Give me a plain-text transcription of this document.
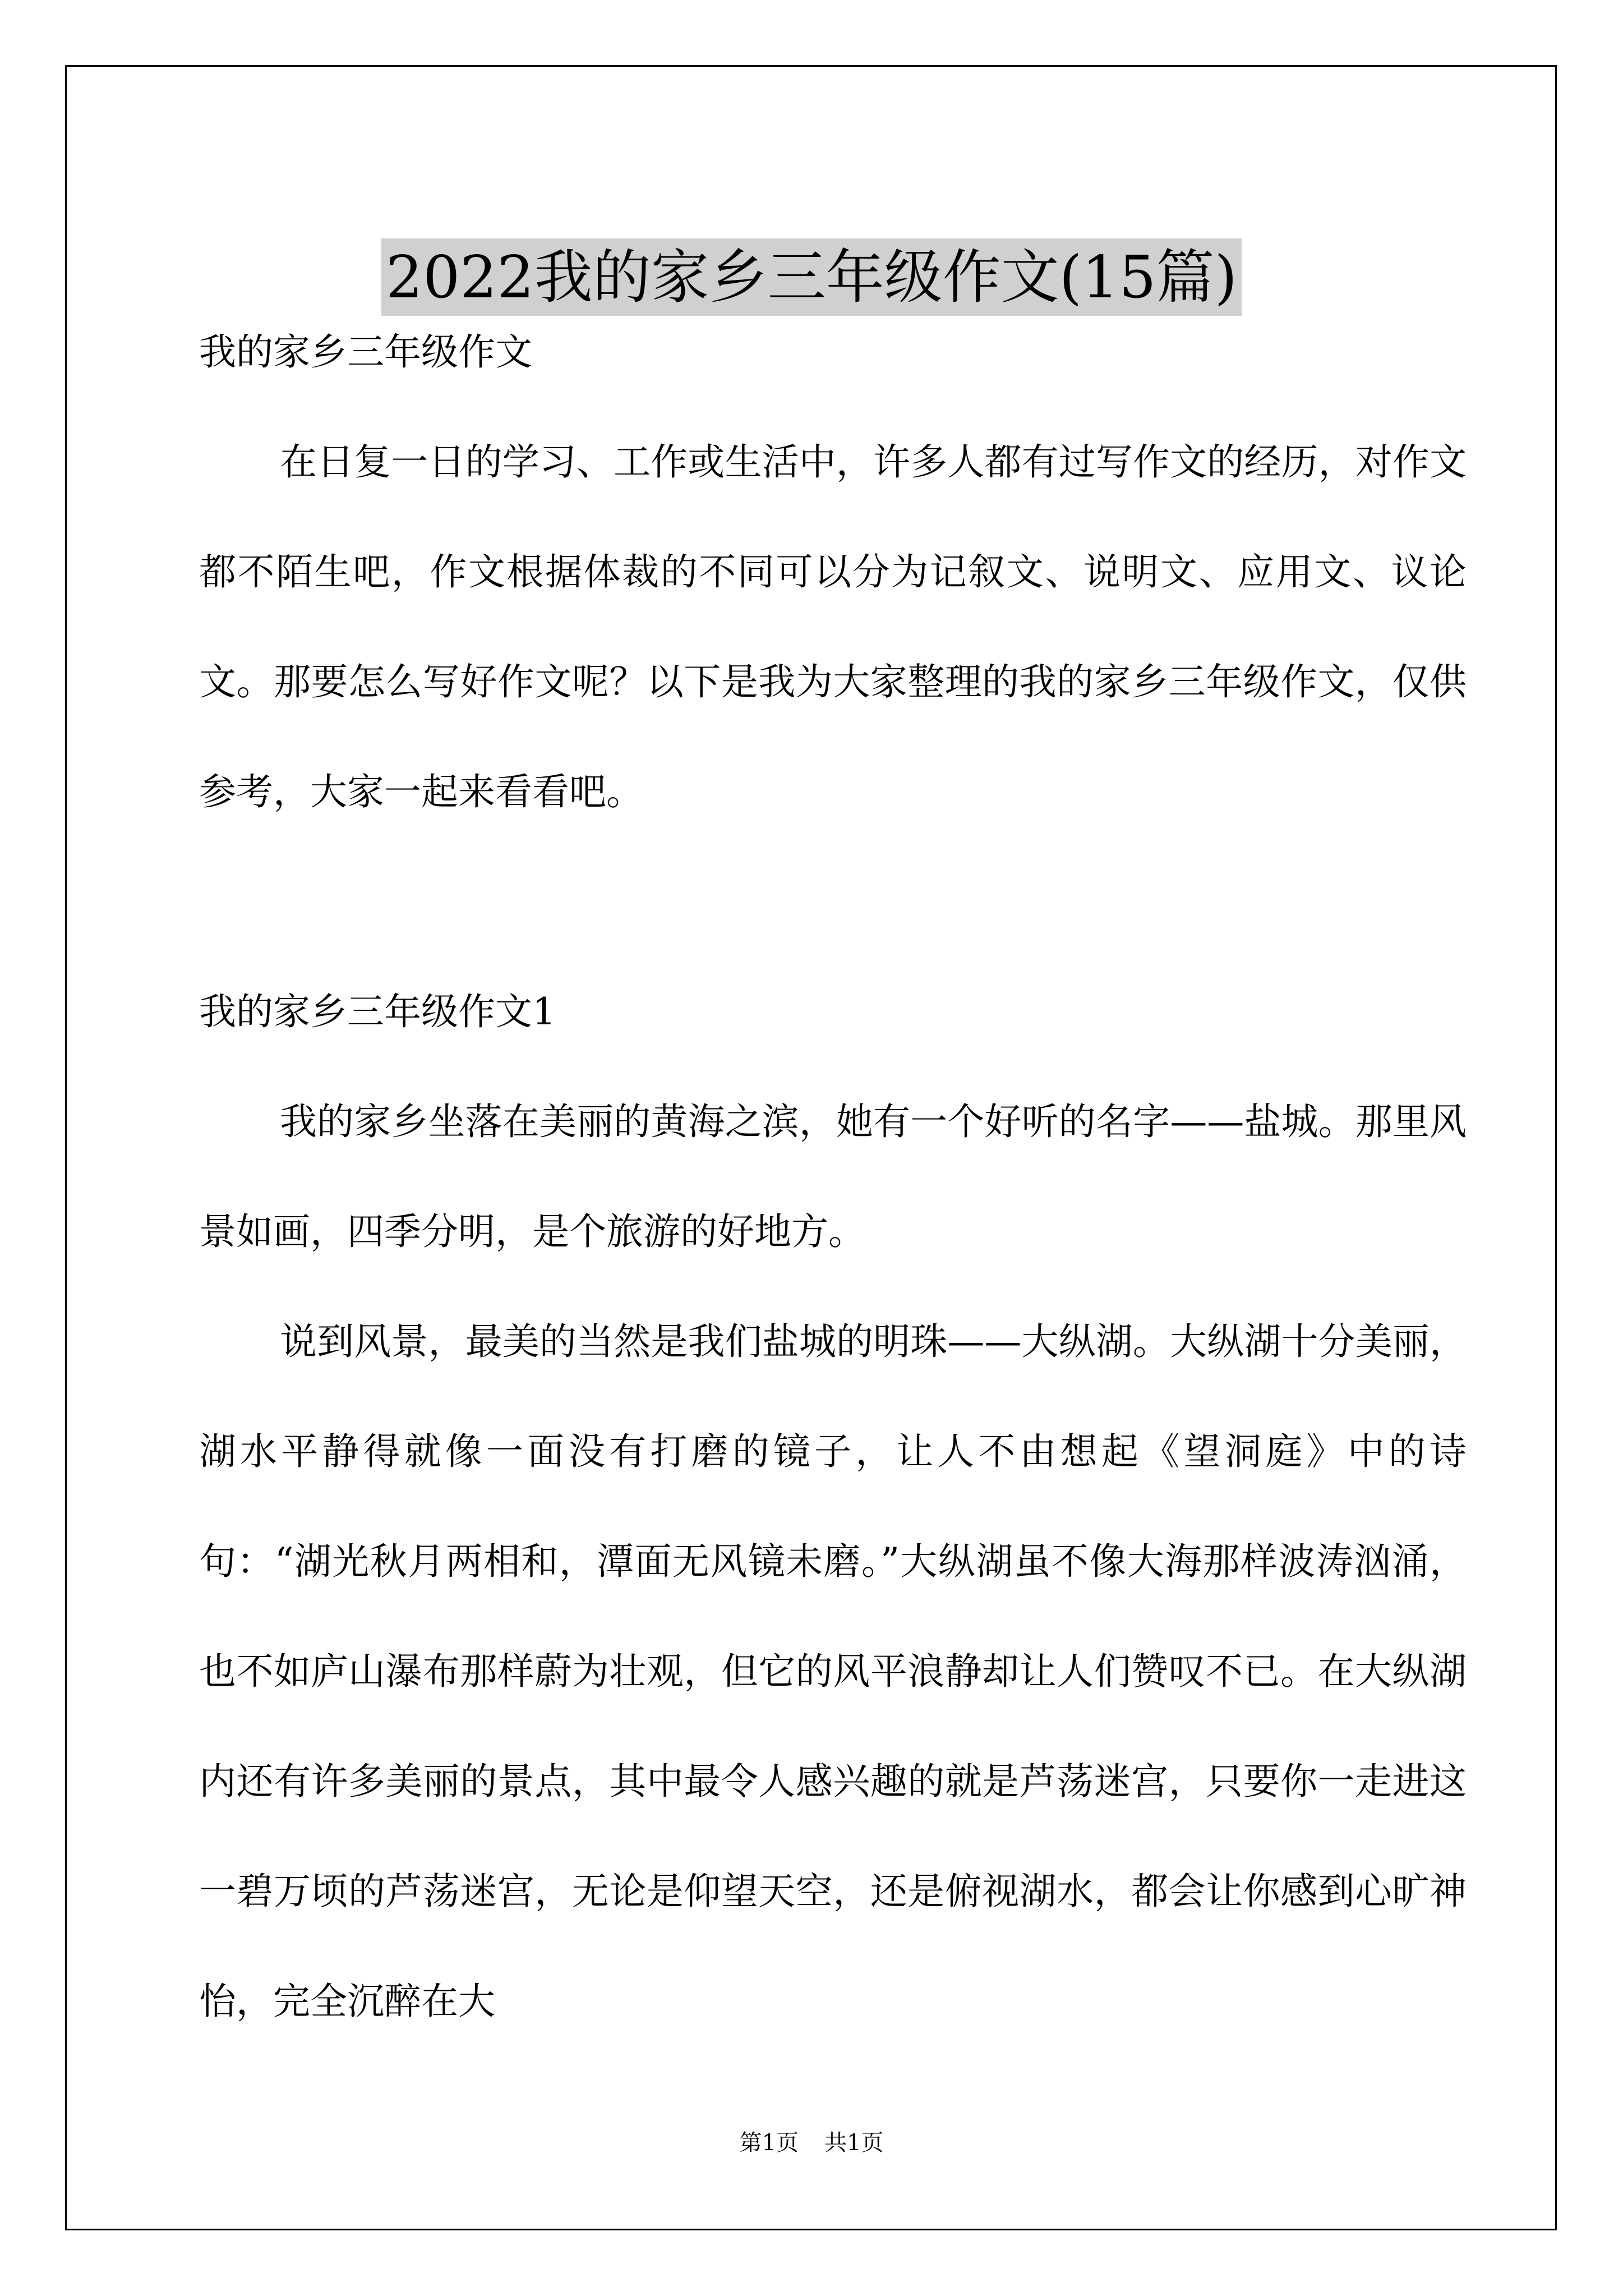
2022我的家乡三年级作文(15篇)

我的家乡三年级作文

在日复一日的学习、工作或生活中，许多人都有过写作文的经历，对作文都不陌生吧，作文根据体裁的不同可以分为记叙文、说明文、应用文、议论文。那要怎么写好作文呢？以下是我为大家整理的我的家乡三年级作文，仅供参考，大家一起来看看吧。

我的家乡三年级作文1

我的家乡坐落在美丽的黄海之滨，她有一个好听的名字——盐城。那里风景如画，四季分明，是个旅游的好地方。

说到风景，最美的当然是我们盐城的明珠——大纵湖。大纵湖十分美丽，湖水平静得就像一面没有打磨的镜子，让人不由想起《望洞庭》中的诗句：“湖光秋月两相和，潭面无风镜未磨。”大纵湖虽不像大海那样波涛汹涌，也不如庐山瀑布那样蔚为壮观，但它的风平浪静却让人们赞叹不已。在大纵湖内还有许多美丽的景点，其中最令人感兴趣的就是芦荡迷宫，只要你一走进这一碧万顷的芦荡迷宫，无论是仰望天空，还是俯视湖水，都会让你感到心旷神怡，完全沉醉在大

第1页 共1页
